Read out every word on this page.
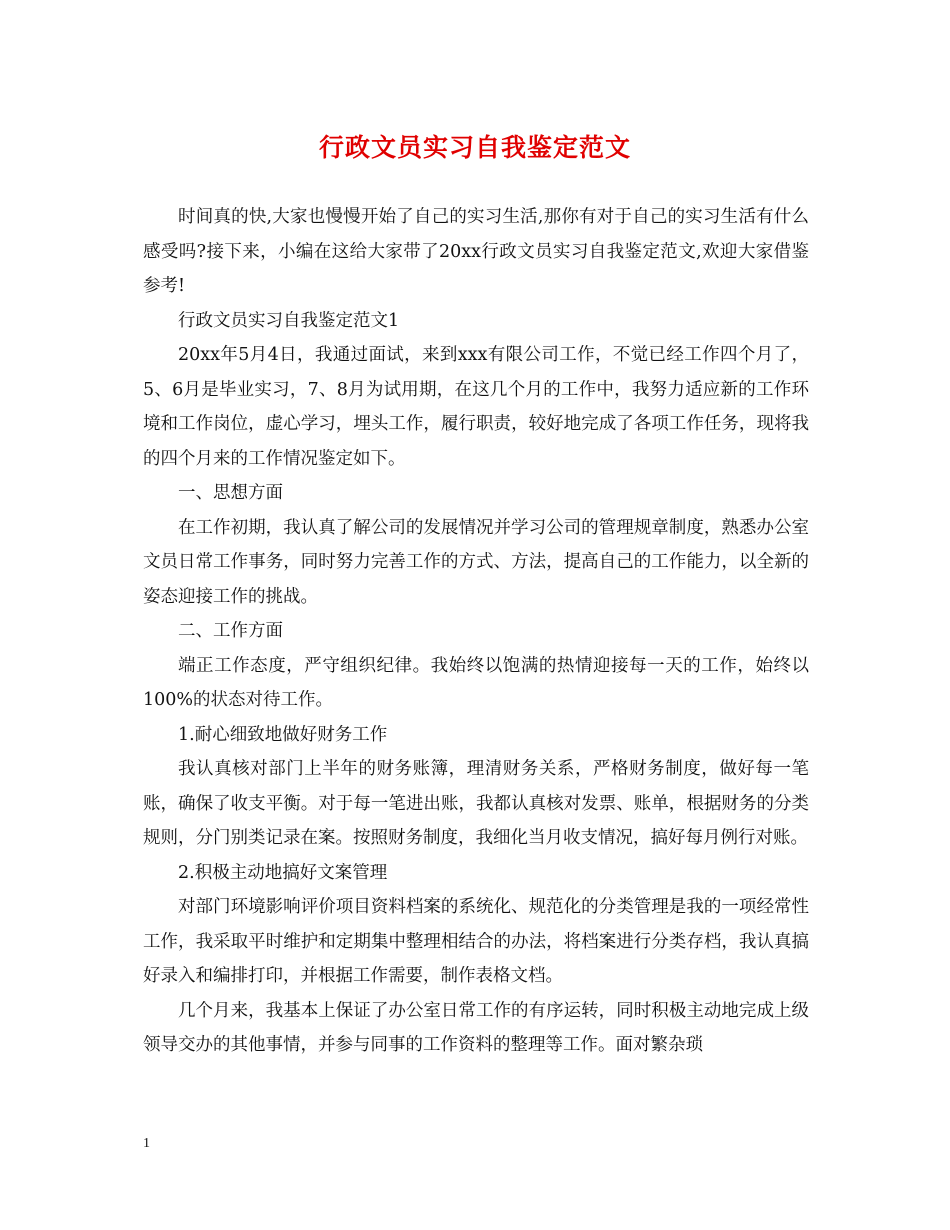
行政文员实习自我鉴定范文

时间真的快,大家也慢慢开始了自己的实习生活,那你有对于自己的实习生活有什么感受吗?接下来，小编在这给大家带了20xx行政文员实习自我鉴定范文,欢迎大家借鉴参考!

行政文员实习自我鉴定范文1

20xx年5月4日，我通过面试，来到xxx有限公司工作，不觉已经工作四个月了，5、6月是毕业实习，7、8月为试用期，在这几个月的工作中，我努力适应新的工作环境和工作岗位，虚心学习，埋头工作，履行职责，较好地完成了各项工作任务，现将我的四个月来的工作情况鉴定如下。

一、思想方面

在工作初期，我认真了解公司的发展情况并学习公司的管理规章制度，熟悉办公室文员日常工作事务，同时努力完善工作的方式、方法，提高自己的工作能力，以全新的姿态迎接工作的挑战。

二、工作方面

端正工作态度，严守组织纪律。我始终以饱满的热情迎接每一天的工作，始终以100%的状态对待工作。

1.耐心细致地做好财务工作

我认真核对部门上半年的财务账簿，理清财务关系，严格财务制度，做好每一笔账，确保了收支平衡。对于每一笔进出账，我都认真核对发票、账单，根据财务的分类规则，分门别类记录在案。按照财务制度，我细化当月收支情况，搞好每月例行对账。

2.积极主动地搞好文案管理

对部门环境影响评价项目资料档案的系统化、规范化的分类管理是我的一项经常性工作，我采取平时维护和定期集中整理相结合的办法，将档案进行分类存档，我认真搞好录入和编排打印，并根据工作需要，制作表格文档。

几个月来，我基本上保证了办公室日常工作的有序运转，同时积极主动地完成上级领导交办的其他事情，并参与同事的工作资料的整理等工作。面对繁杂琐

1
